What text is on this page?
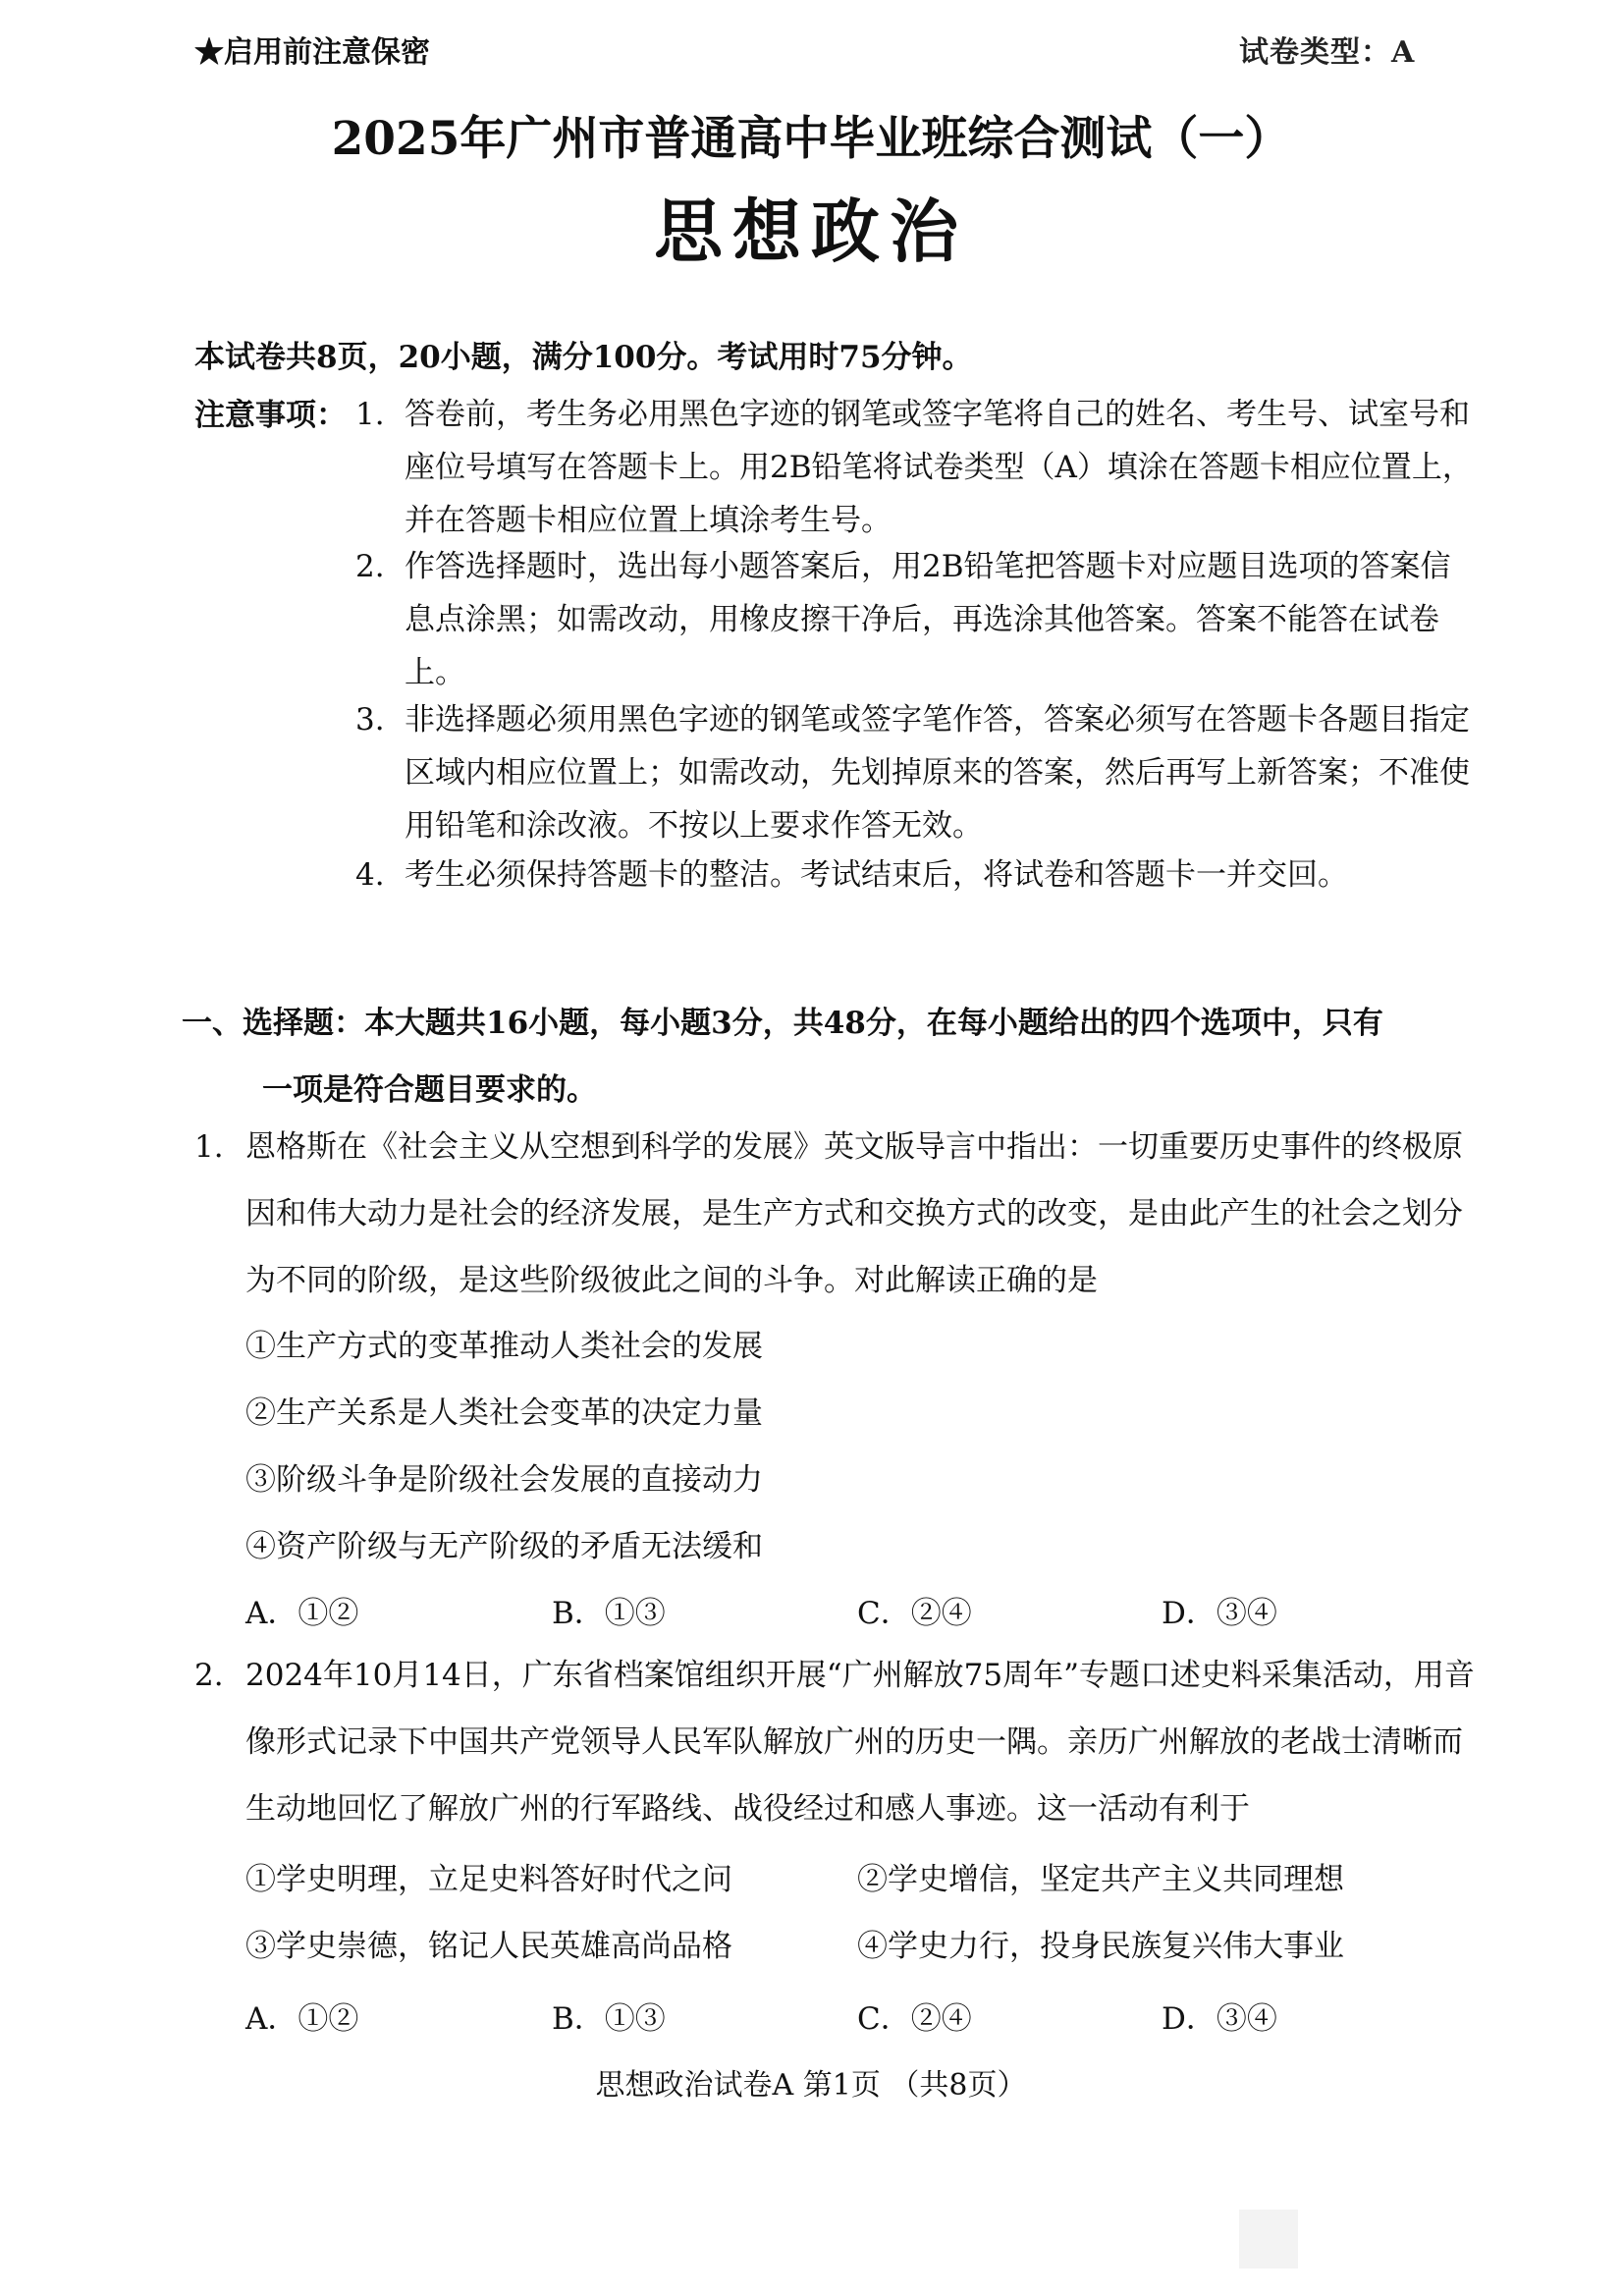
★启用前注意保密	试卷类型：A
2025年广州市普通高中毕业班综合测试（一）
思想政治
本试卷共8页，20小题，满分100分。考试用时75分钟。
注意事项： 1. 答卷前，考生务必用黑色字迹的钢笔或签字笔将自己的姓名、考生号、试室号和座位号填写在答题卡上。用2B铅笔将试卷类型（A）填涂在答题卡相应位置上，并在答题卡相应位置上填涂考生号。
2. 作答选择题时，选出每小题答案后，用2B铅笔把答题卡对应题目选项的答案信息点涂黑；如需改动，用橡皮擦干净后，再选涂其他答案。答案不能答在试卷上。
3. 非选择题必须用黑色字迹的钢笔或签字笔作答，答案必须写在答题卡各题目指定区域内相应位置上；如需改动，先划掉原来的答案，然后再写上新答案；不准使用铅笔和涂改液。不按以上要求作答无效。
4. 考生必须保持答题卡的整洁。考试结束后，将试卷和答题卡一并交回。
一、选择题：本大题共16小题，每小题3分，共48分，在每小题给出的四个选项中，只有
一项是符合题目要求的。
1. 恩格斯在《社会主义从空想到科学的发展》英文版导言中指出：一切重要历史事件的终极原因和伟大动力是社会的经济发展，是生产方式和交换方式的改变，是由此产生的社会之划分为不同的阶级，是这些阶级彼此之间的斗争。对此解读正确的是
①生产方式的变革推动人类社会的发展
②生产关系是人类社会变革的决定力量
③阶级斗争是阶级社会发展的直接动力
④资产阶级与无产阶级的矛盾无法缓和
A．①②	B．①③	C．②④	D．③④
2. 2024年10月14日，广东省档案馆组织开展“广州解放75周年”专题口述史料采集活动，用音像形式记录下中国共产党领导人民军队解放广州的历史一隅。亲历广州解放的老战士清晰而生动地回忆了解放广州的行军路线、战役经过和感人事迹。这一活动有利于
①学史明理，立足史料答好时代之问	②学史增信，坚定共产主义共同理想
③学史崇德，铭记人民英雄高尚品格	④学史力行，投身民族复兴伟大事业
A．①②	B．①③	C．②④	D．③④
思想政治试卷A 第1页 （共8页）
